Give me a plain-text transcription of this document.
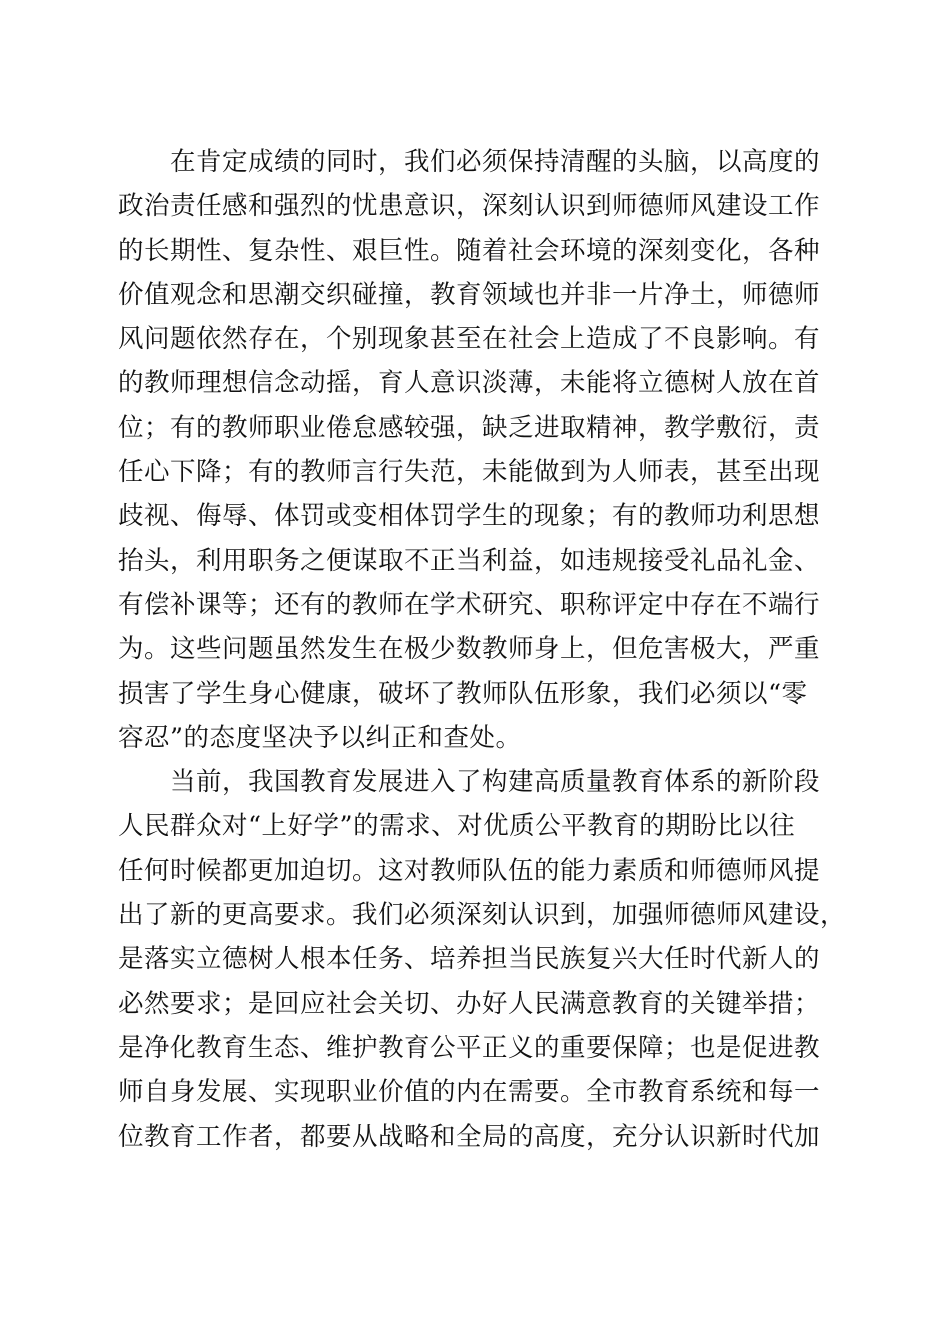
在肯定成绩的同时，我们必须保持清醒的头脑，以高度的
政治责任感和强烈的忧患意识，深刻认识到师德师风建设工作
的长期性、复杂性、艰巨性。随着社会环境的深刻变化，各种
价值观念和思潮交织碰撞，教育领域也并非一片净土，师德师
风问题依然存在，个别现象甚至在社会上造成了不良影响。有
的教师理想信念动摇，育人意识淡薄，未能将立德树人放在首
位；有的教师职业倦怠感较强，缺乏进取精神，教学敷衍，责
任心下降；有的教师言行失范，未能做到为人师表，甚至出现
歧视、侮辱、体罚或变相体罚学生的现象；有的教师功利思想
抬头，利用职务之便谋取不正当利益，如违规接受礼品礼金、
有偿补课等；还有的教师在学术研究、职称评定中存在不端行
为。这些问题虽然发生在极少数教师身上，但危害极大，严重
损害了学生身心健康，破坏了教师队伍形象，我们必须以“零
容忍”的态度坚决予以纠正和查处。
当前，我国教育发展进入了构建高质量教育体系的新阶段
人民群众对“上好学”的需求、对优质公平教育的期盼比以往
任何时候都更加迫切。这对教师队伍的能力素质和师德师风提
出了新的更高要求。我们必须深刻认识到，加强师德师风建设，
是落实立德树人根本任务、培养担当民族复兴大任时代新人的
必然要求；是回应社会关切、办好人民满意教育的关键举措；
是净化教育生态、维护教育公平正义的重要保障；也是促进教
师自身发展、实现职业价值的内在需要。全市教育系统和每一
位教育工作者，都要从战略和全局的高度，充分认识新时代加
